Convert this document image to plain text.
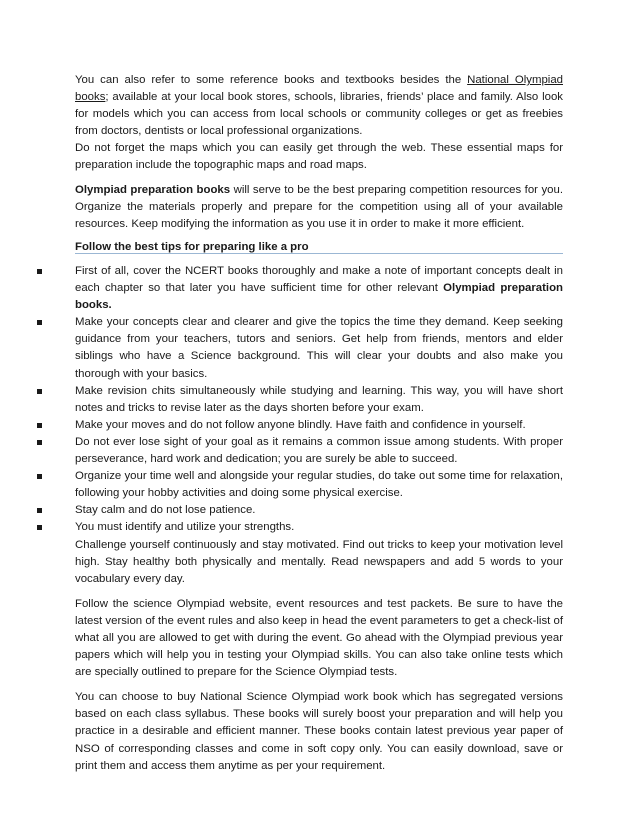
You can also refer to some reference books and textbooks besides the National Olympiad books; available at your local book stores, schools, libraries, friends’ place and family. Also look for models which you can access from local schools or community colleges or get as freebies from doctors, dentists or local professional organizations.

Do not forget the maps which you can easily get through the web. These essential maps for preparation include the topographic maps and road maps.

Olympiad preparation books will serve to be the best preparing competition resources for you. Organize the materials properly and prepare for the competition using all of your available resources. Keep modifying the information as you use it in order to make it more efficient.

Follow the best tips for preparing like a pro

First of all, cover the NCERT books thoroughly and make a note of important concepts dealt in each chapter so that later you have sufficient time for other relevant Olympiad preparation books.
Make your concepts clear and clearer and give the topics the time they demand. Keep seeking guidance from your teachers, tutors and seniors. Get help from friends, mentors and elder siblings who have a Science background. This will clear your doubts and also make you thorough with your basics.
Make revision chits simultaneously while studying and learning. This way, you will have short notes and tricks to revise later as the days shorten before your exam.
Make your moves and do not follow anyone blindly. Have faith and confidence in yourself.
Do not ever lose sight of your goal as it remains a common issue among students. With proper perseverance, hard work and dedication; you are surely be able to succeed.
Organize your time well and alongside your regular studies, do take out some time for relaxation, following your hobby activities and doing some physical exercise.
Stay calm and do not lose patience.
You must identify and utilize your strengths.

Challenge yourself continuously and stay motivated. Find out tricks to keep your motivation level high. Stay healthy both physically and mentally. Read newspapers and add 5 words to your vocabulary every day.

Follow the science Olympiad website, event resources and test packets. Be sure to have the latest version of the event rules and also keep in head the event parameters to get a check-list of what all you are allowed to get with during the event. Go ahead with the Olympiad previous year papers which will help you in testing your Olympiad skills. You can also take online tests which are specially outlined to prepare for the Science Olympiad tests.

You can choose to buy National Science Olympiad work book which has segregated versions based on each class syllabus. These books will surely boost your preparation and will help you practice in a desirable and efficient manner. These books contain latest previous year paper of NSO of corresponding classes and come in soft copy only. You can easily download, save or print them and access them anytime as per your requirement.
